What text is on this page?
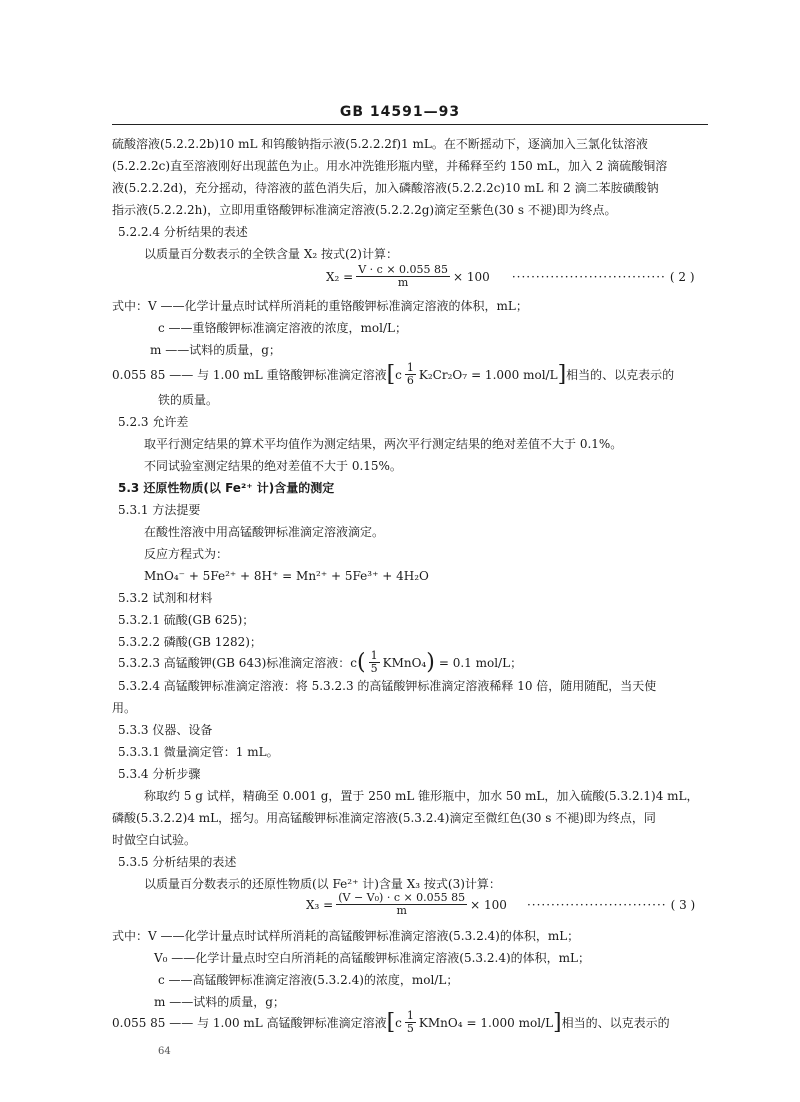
GB 14591—93
硫酸溶液(5.2.2.2b)10 mL 和钨酸钠指示液(5.2.2.2f)1 mL。在不断摇动下，逐滴加入三氯化钛溶液
(5.2.2.2c)直至溶液刚好出现蓝色为止。用水冲洗锥形瓶内壁，并稀释至约 150 mL，加入 2 滴硫酸铜溶
液(5.2.2.2d)，充分摇动，待溶液的蓝色消失后，加入磷酸溶液(5.2.2.2c)10 mL 和 2 滴二苯胺磺酸钠
指示液(5.2.2.2h)，立即用重铬酸钾标准滴定溶液(5.2.2.2g)滴定至紫色(30 s 不褪)即为终点。
5.2.2.4 分析结果的表述
以质量百分数表示的全铁含量 X₂ 按式(2)计算：
$X_2 = \frac{V \cdot c \times 0.055 85}{m} \times 100$ ································ ( 2 )
式中：V ——化学计量点时试样所消耗的重铬酸钾标准滴定溶液的体积，mL；
c ——重铬酸钾标准滴定溶液的浓度，mol/L；
m ——试料的质量，g；
0.055 85 —— 与 1.00 mL 重铬酸钾标准滴定溶液 [ c $\frac{1}{6} K_2Cr_2O_7 = 1.000$ mol/L ] 相当的、以克表示的
铁的质量。
5.2.3 允许差
取平行测定结果的算术平均值作为测定结果，两次平行测定结果的绝对差值不大于 0.1%。
不同试验室测定结果的绝对差值不大于 0.15%。
5.3 还原性物质(以 Fe²⁺ 计)含量的测定
5.3.1 方法提要
在酸性溶液中用高锰酸钾标准滴定溶液滴定。
反应方程式为：
MnO₄⁻ + 5Fe²⁺ + 8H⁺ = Mn²⁺ + 5Fe³⁺ + 4H₂O
5.3.2 试剂和材料
5.3.2.1 硫酸(GB 625)；
5.3.2.2 磷酸(GB 1282)；
5.3.2.3 高锰酸钾(GB 643)标准滴定溶液：c ( $\frac{1}{5}$ KMnO₄ ) = 0.1 mol/L；
5.3.2.4 高锰酸钾标准滴定溶液：将 5.3.2.3 的高锰酸钾标准滴定溶液稀释 10 倍，随用随配，当天使
用。
5.3.3 仪器、设备
5.3.3.1 微量滴定管：1 mL。
5.3.4 分析步骤
称取约 5 g 试样，精确至 0.001 g，置于 250 mL 锥形瓶中，加水 50 mL，加入硫酸(5.3.2.1)4 mL，
磷酸(5.3.2.2)4 mL，摇匀。用高锰酸钾标准滴定溶液(5.3.2.4)滴定至微红色(30 s 不褪)即为终点，同
时做空白试验。
5.3.5 分析结果的表述
以质量百分数表示的还原性物质(以 Fe²⁺ 计)含量 X₃ 按式(3)计算：
$X_3 = \frac{\text{(V − V₀) · c × 0.055 85}}{m} \times 100$ ····························· ( 3 )
式中：V ——化学计量点时试样所消耗的高锰酸钾标准滴定溶液(5.3.2.4)的体积，mL；
V₀ ——化学计量点时空白所消耗的高锰酸钾标准滴定溶液(5.3.2.4)的体积，mL；
c ——高锰酸钾标准滴定溶液(5.3.2.4)的浓度，mol/L；
m ——试料的质量，g；
0.055 85 —— 与 1.00 mL 高锰酸钾标准滴定溶液 [ c $\frac{1}{5}$ KMnO₄ = 1.000 mol/L ] 相当的、以克表示的
64
